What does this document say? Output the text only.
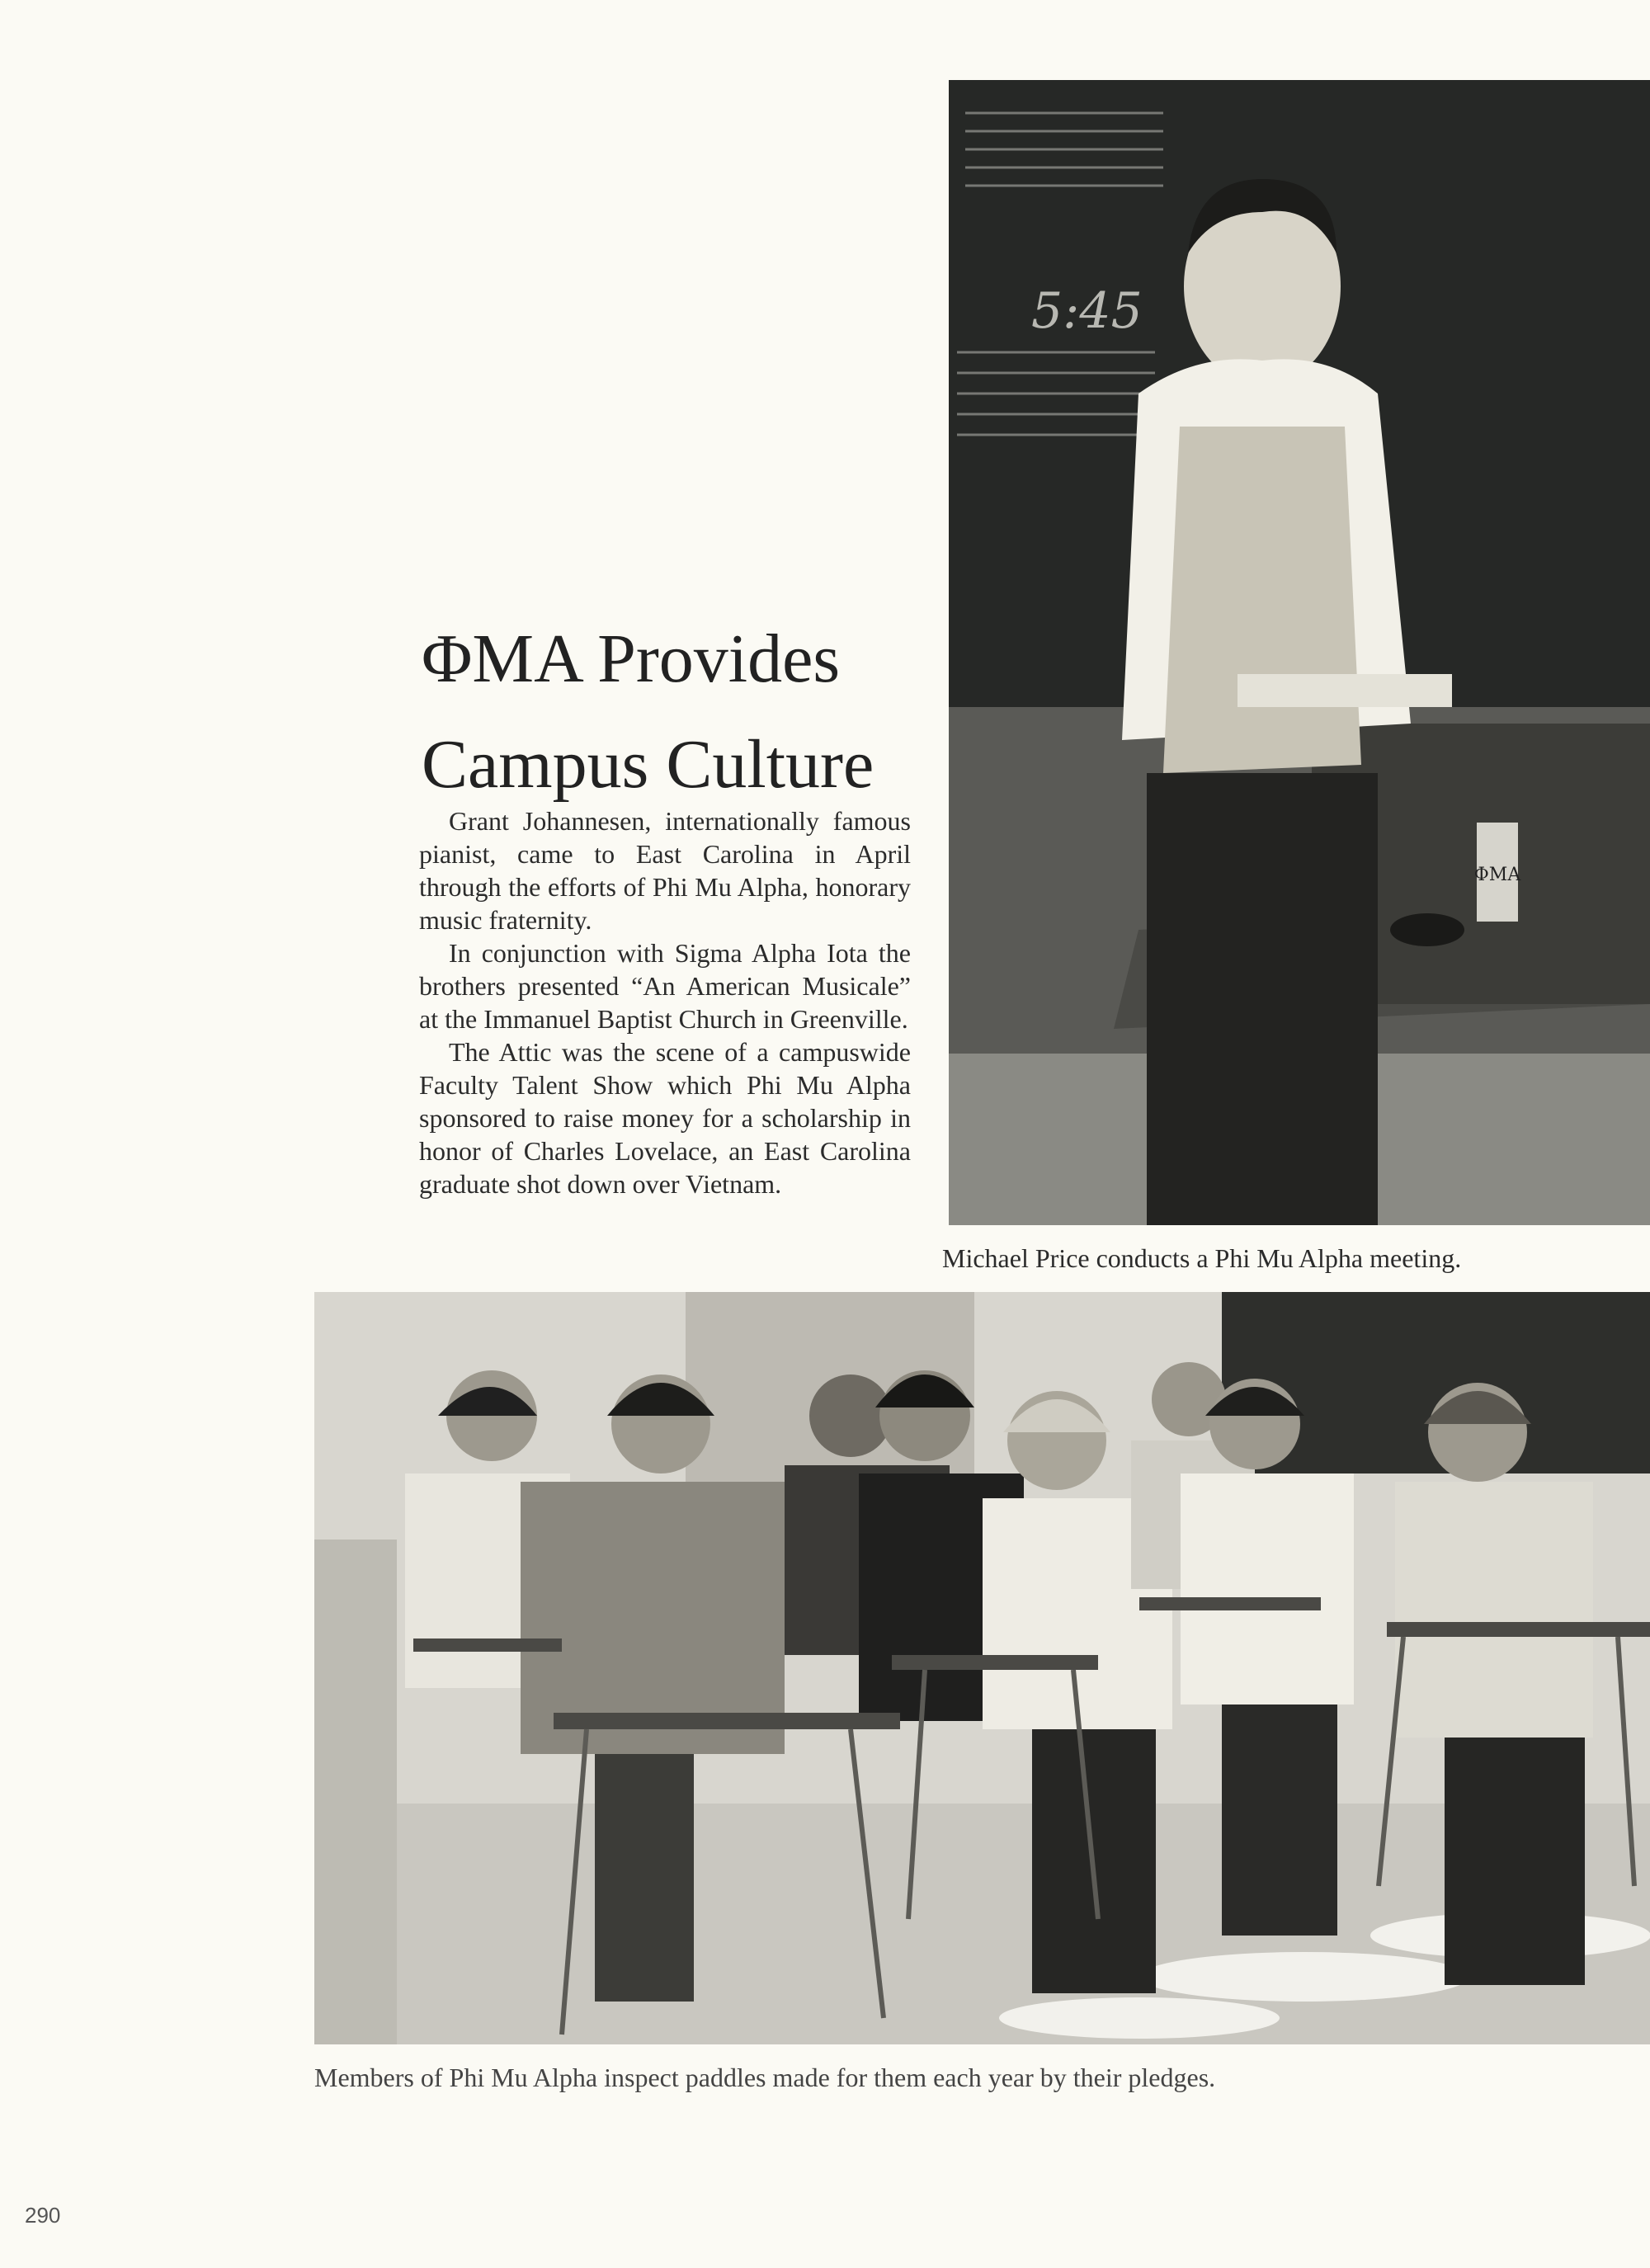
5:45
ΦMA
ΦMA Provides
Campus Culture

Grant Johannesen, internationally famous pianist, came to East Carolina in April through the efforts of Phi Mu Alpha, honorary music fraternity.

In conjunction with Sigma Alpha Iota the brothers presented “An American Musicale” at the Immanuel Baptist Church in Greenville.

The Attic was the scene of a campuswide Faculty Talent Show which Phi Mu Alpha sponsored to raise money for a scholarship in honor of Charles Lovelace, an East Carolina graduate shot down over Vietnam.

Michael Price conducts a Phi Mu Alpha meeting.

Members of Phi Mu Alpha inspect paddles made for them each year by their pledges.

290
